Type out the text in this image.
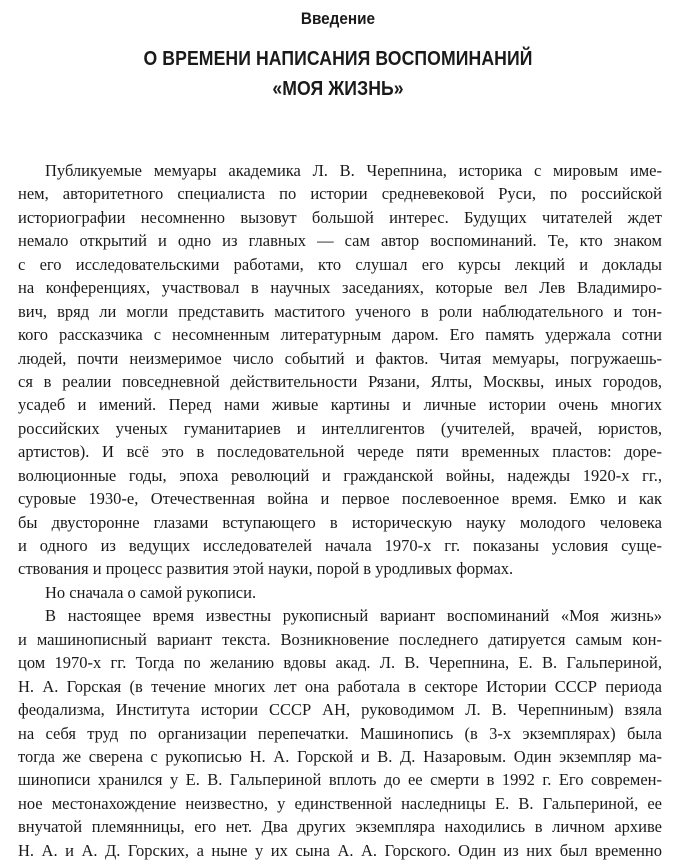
Введение
О ВРЕМЕНИ НАПИСАНИЯ ВОСПОМИНАНИЙ
«МОЯ ЖИЗНЬ»
Публикуемые мемуары академика Л. В. Черепнина, историка с мировым име-
нем, авторитетного специалиста по истории средневековой Руси, по российской
историографии несомненно вызовут большой интерес. Будущих читателей ждет
немало открытий и одно из главных — сам автор воспоминаний. Те, кто знаком
с его исследовательскими работами, кто слушал его курсы лекций и доклады
на конференциях, участвовал в научных заседаниях, которые вел Лев Владимиро-
вич, вряд ли могли представить маститого ученого в роли наблюдательного и тон-
кого рассказчика с несомненным литературным даром. Его память удержала сотни
людей, почти неизмеримое число событий и фактов. Читая мемуары, погружаешь-
ся в реалии повседневной действительности Рязани, Ялты, Москвы, иных городов,
усадеб и имений. Перед нами живые картины и личные истории очень многих
российских ученых гуманитариев и интеллигентов (учителей, врачей, юристов,
артистов). И всё это в последовательной череде пяти временных пластов: доре-
волюционные годы, эпоха революций и гражданской войны, надежды 1920-х гг.,
суровые 1930-е, Отечественная война и первое послевоенное время. Емко и как
бы двусторонне глазами вступающего в историческую науку молодого человека
и одного из ведущих исследователей начала 1970-х гг. показаны условия суще-
ствования и процесс развития этой науки, порой в уродливых формах.
Но сначала о самой рукописи.
В настоящее время известны рукописный вариант воспоминаний «Моя жизнь»
и машинописный вариант текста. Возникновение последнего датируется самым кон-
цом 1970-х гг. Тогда по желанию вдовы акад. Л. В. Черепнина, Е. В. Гальпериной,
Н. А. Горская (в течение многих лет она работала в секторе Истории СССР периода
феодализма, Института истории СССР АН, руководимом Л. В. Черепниным) взяла
на себя труд по организации перепечатки. Машинопись (в 3-х экземплярах) была
тогда же сверена с рукописью Н. А. Горской и В. Д. Назаровым. Один экземпляр ма-
шинописи хранился у Е. В. Гальпериной вплоть до ее смерти в 1992 г. Его современ-
ное местонахождение неизвестно, у единственной наследницы Е. В. Гальпериной, ее
внучатой племянницы, его нет. Два других экземпляра находились в личном архиве
Н. А. и А. Д. Горских, а ныне у их сына А. А. Горского. Один из них был временно
